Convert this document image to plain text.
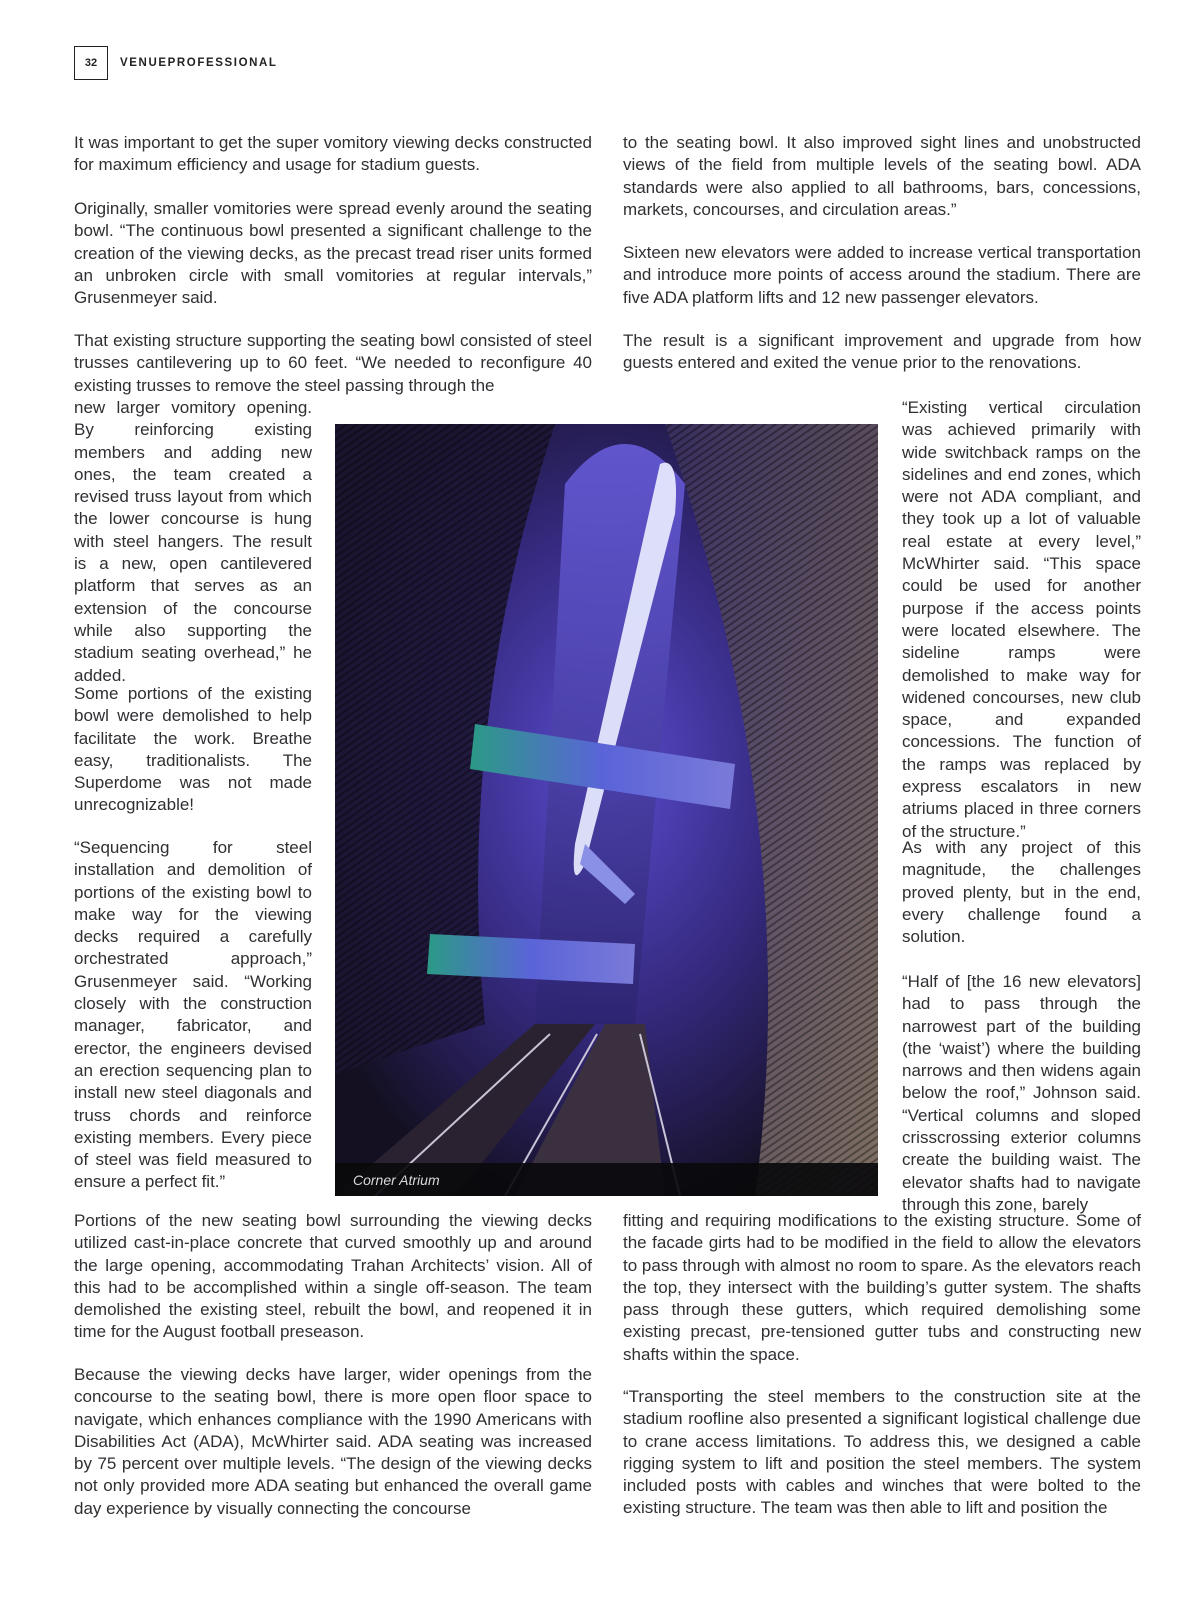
32	VENUEPROFESSIONAL

It was important to get the super vomitory viewing decks constructed for maximum efficiency and usage for stadium guests.

Originally, smaller vomitories were spread evenly around the seating bowl. “The continuous bowl presented a significant challenge to the creation of the viewing decks, as the precast tread riser units formed an unbroken circle with small vomitories at regular intervals,” Grusenmeyer said.

That existing structure supporting the seating bowl consisted of steel trusses cantilevering up to 60 feet. “We needed to reconfigure 40 existing trusses to remove the steel passing through the

new larger vomitory opening. By reinforcing existing members and adding new ones, the team created a revised truss layout from which the lower concourse is hung with steel hangers. The result is a new, open cantilevered platform that serves as an extension of the concourse while also supporting the stadium seating overhead,” he added.

Some portions of the existing bowl were demolished to help facilitate the work. Breathe easy, traditionalists. The Superdome was not made unrecognizable!

“Sequencing for steel installation and demolition of portions of the existing bowl to make way for the viewing decks required a carefully orchestrated approach,” Grusenmeyer said. “Working closely with the construction manager, fabricator, and erector, the engineers devised an erection sequencing plan to install new steel diagonals and truss chords and reinforce existing members. Every piece of steel was field measured to ensure a perfect fit.”

Portions of the new seating bowl surrounding the viewing decks utilized cast-in-place concrete that curved smoothly up and around the large opening, accommodating Trahan Architects’ vision. All of this had to be accomplished within a single off-season. The team demolished the existing steel, rebuilt the bowl, and reopened it in time for the August football preseason.

Because the viewing decks have larger, wider openings from the concourse to the seating bowl, there is more open floor space to navigate, which enhances compliance with the 1990 Americans with Disabilities Act (ADA), McWhirter said. ADA seating was increased by 75 percent over multiple levels. “The design of the viewing decks not only provided more ADA seating but enhanced the overall game day experience by visually connecting the concourse

to the seating bowl. It also improved sight lines and unobstructed views of the field from multiple levels of the seating bowl. ADA standards were also applied to all bathrooms, bars, concessions, markets, concourses, and circulation areas.”

Sixteen new elevators were added to increase vertical transportation and introduce more points of access around the stadium. There are five ADA platform lifts and 12 new passenger elevators.

The result is a significant improvement and upgrade from how guests entered and exited the venue prior to the renovations.

“Existing vertical circulation was achieved primarily with wide switchback ramps on the sidelines and end zones, which were not ADA compliant, and they took up a lot of valuable real estate at every level,” McWhirter said. “This space could be used for another purpose if the access points were located elsewhere. The sideline ramps were demolished to make way for widened concourses, new club space, and expanded concessions. The function of the ramps was replaced by express escalators in new atriums placed in three corners of the structure.”

As with any project of this magnitude, the challenges proved plenty, but in the end, every challenge found a solution.

“Half of [the 16 new elevators] had to pass through the narrowest part of the building (the ‘waist’) where the building narrows and then widens again below the roof,” Johnson said. “Vertical columns and sloped crisscrossing exterior columns create the building waist. The elevator shafts had to navigate through this zone, barely

fitting and requiring modifications to the existing structure. Some of the facade girts had to be modified in the field to allow the elevators to pass through with almost no room to spare. As the elevators reach the top, they intersect with the building’s gutter system. The shafts pass through these gutters, which required demolishing some existing precast, pre-tensioned gutter tubs and constructing new shafts within the space.

“Transporting the steel members to the construction site at the stadium roofline also presented a significant logistical challenge due to crane access limitations. To address this, we designed a cable rigging system to lift and position the steel members. The system included posts with cables and winches that were bolted to the existing structure. The team was then able to lift and position the

Corner Atrium
